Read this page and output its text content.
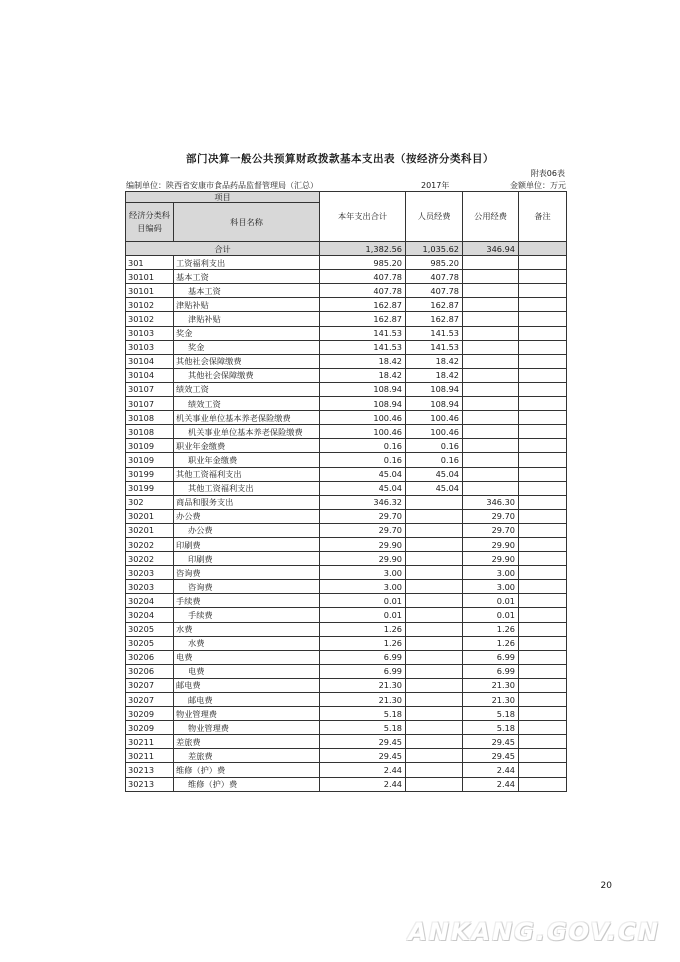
部门决算一般公共预算财政拨款基本支出表（按经济分类科目）
附表06表
编制单位：陕西省安康市食品药品监督管理局（汇总）	2017年	金额单位：万元
项目		本年支出合计	人员经费	公用经费	备注
经济分类科目编码	科目名称				
合计		1,382.56	1,035.62	346.94	
301	工资福利支出	985.20	985.20		
30101	基本工资	407.78	407.78		
30101	基本工资	407.78	407.78		
30102	津贴补贴	162.87	162.87		
30102	津贴补贴	162.87	162.87		
30103	奖金	141.53	141.53		
30103	奖金	141.53	141.53		
30104	其他社会保障缴费	18.42	18.42		
30104	其他社会保障缴费	18.42	18.42		
30107	绩效工资	108.94	108.94		
30107	绩效工资	108.94	108.94		
30108	机关事业单位基本养老保险缴费	100.46	100.46		
30108	机关事业单位基本养老保险缴费	100.46	100.46		
30109	职业年金缴费	0.16	0.16		
30109	职业年金缴费	0.16	0.16		
30199	其他工资福利支出	45.04	45.04		
30199	其他工资福利支出	45.04	45.04		
302	商品和服务支出	346.32		346.30	
30201	办公费	29.70		29.70	
30201	办公费	29.70		29.70	
30202	印刷费	29.90		29.90	
30202	印刷费	29.90		29.90	
30203	咨询费	3.00		3.00	
30203	咨询费	3.00		3.00	
30204	手续费	0.01		0.01	
30204	手续费	0.01		0.01	
30205	水费	1.26		1.26	
30205	水费	1.26		1.26	
30206	电费	6.99		6.99	
30206	电费	6.99		6.99	
30207	邮电费	21.30		21.30	
30207	邮电费	21.30		21.30	
30209	物业管理费	5.18		5.18	
30209	物业管理费	5.18		5.18	
30211	差旅费	29.45		29.45	
30211	差旅费	29.45		29.45	
30213	维修（护）费	2.44		2.44	
30213	维修（护）费	2.44		2.44	
20
ANKANG.GOV.CN
